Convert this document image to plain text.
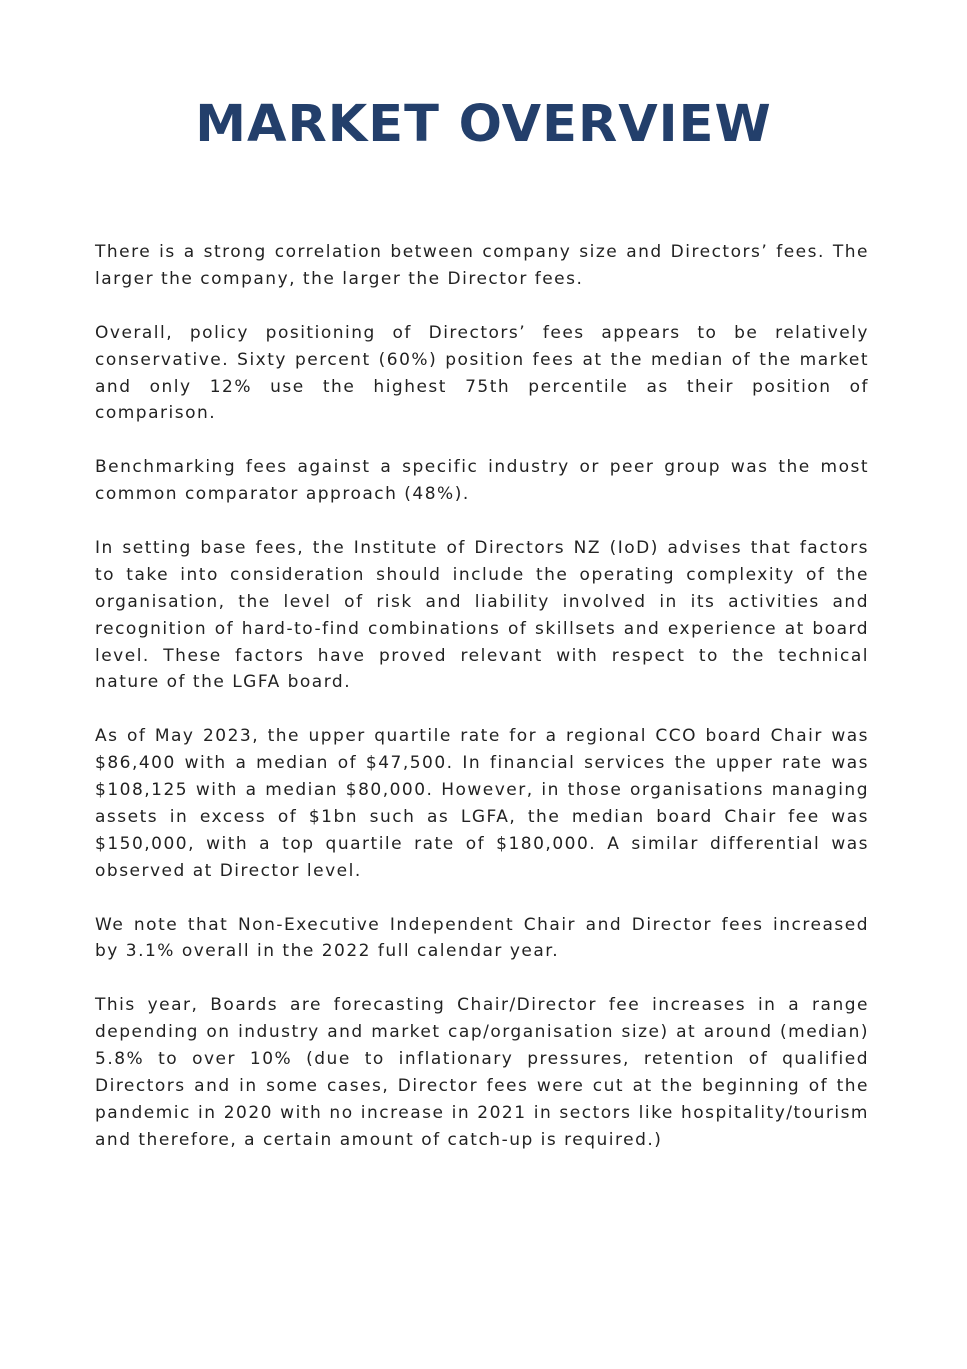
MARKET OVERVIEW

There is a strong correlation between company size and Directors’ fees. The larger the company, the larger the Director fees.

Overall, policy positioning of Directors’ fees appears to be relatively conservative. Sixty percent (60%) position fees at the median of the market and only 12% use the highest 75th percentile as their position of comparison.

Benchmarking fees against a specific industry or peer group was the most common comparator approach (48%).

In setting base fees, the Institute of Directors NZ (IoD) advises that factors to take into consideration should include the operating complexity of the organisation, the level of risk and liability involved in its activities and recognition of hard-to-find combinations of skillsets and experience at board level. These factors have proved relevant with respect to the technical nature of the LGFA board.

As of May 2023, the upper quartile rate for a regional CCO board Chair was $86,400 with a median of $47,500. In financial services the upper rate was $108,125 with a median $80,000. However, in those organisations managing assets in excess of $1bn such as LGFA, the median board Chair fee was $150,000, with a top quartile rate of $180,000. A similar differential was observed at Director level.

We note that Non-Executive Independent Chair and Director fees increased by 3.1% overall in the 2022 full calendar year.

This year, Boards are forecasting Chair/Director fee increases in a range depending on industry and market cap/organisation size) at around (median) 5.8% to over 10% (due to inflationary pressures, retention of qualified Directors and in some cases, Director fees were cut at the beginning of the pandemic in 2020 with no increase in 2021 in sectors like hospitality/tourism and therefore, a certain amount of catch-up is required.)
